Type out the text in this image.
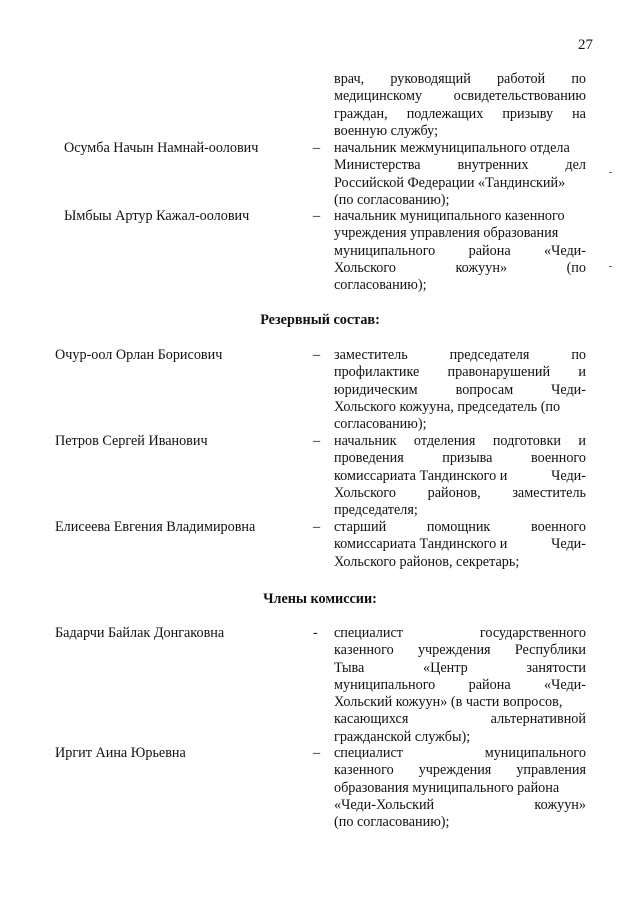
27
врач, руководящий работой по
медицинскому освидетельствованию
граждан, подлежащих призыву на
военную службу;
Осумба Начын Намнай-оолович	– начальник межмуниципального отдела
Министерства	внутренних	дел
Российской Федерации «Тандинский»
(по согласованию);
Ымбыы Артур Кажал-оолович	– начальник муниципального казенного
учреждения управления образования
муниципального района «Чеди-
Хольского	кожуун»	(по
согласованию);
Резервный состав:
Очур-оол Орлан Борисович	– заместитель	председателя	по
профилактике правонарушений и
юридическим	вопросам	Чеди-
Хольского кожууна, председатель (по
согласованию);
Петров Сергей Иванович	– начальник отделения подготовки и
проведения	призыва	военного
комиссариата Тандинского и	Чеди-
Хольского районов, заместитель
председателя;
Елисеева Евгения Владимировна	– старший	помощник	военного
комиссариата Тандинского и	Чеди-
Хольского районов, секретарь;
Члены комиссии:
Бадарчи Байлак Донгаковна	- специалист	государственного
казенного учреждения Республики
Тыва	«Центр	занятости
муниципального района «Чеди-
Хольский кожуун» (в части вопросов,
касающихся	альтернативной
гражданской службы);
Иргит Аина Юрьевна	– специалист	муниципального
казенного учреждения управления
образования муниципального района
«Чеди-Хольский	кожуун»
(по согласованию);
